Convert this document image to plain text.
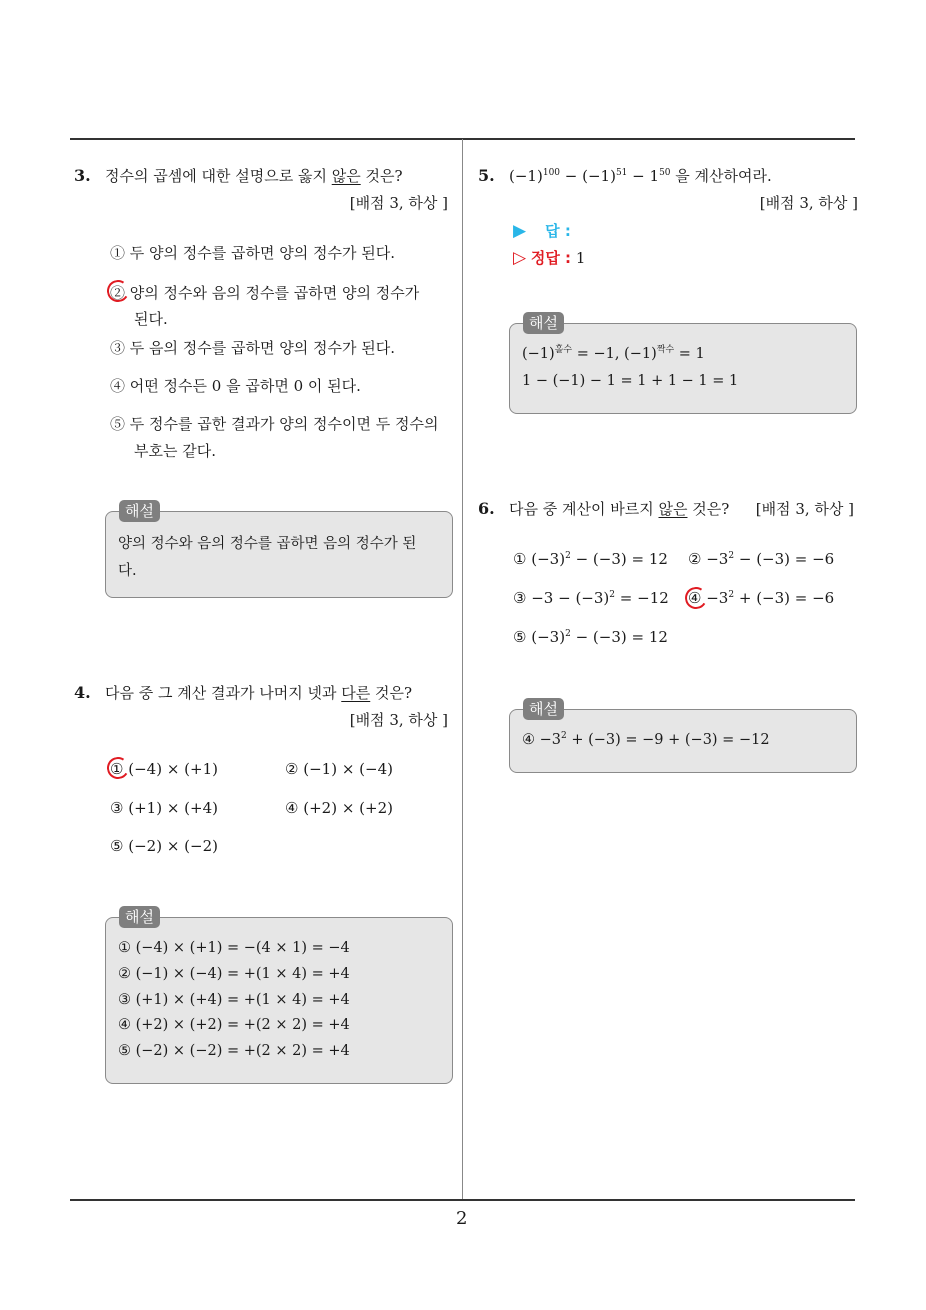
2
3. 정수의 곱셈에 대한 설명으로 옳지 않은 것은?
[배점 3, 하상 ]
① 두 양의 정수를 곱하면 양의 정수가 된다.
② 양의 정수와 음의 정수를 곱하면 양의 정수가
된다.
③ 두 음의 정수를 곱하면 양의 정수가 된다.
④ 어떤 정수든 0 을 곱하면 0 이 된다.
⑤ 두 정수를 곱한 결과가 양의 정수이면 두 정수의
부호는 같다.
해설
양의 정수와 음의 정수를 곱하면 음의 정수가 된
다.
4. 다음 중 그 계산 결과가 나머지 넷과 다른 것은?
[배점 3, 하상 ]
① (−4) × (+1)	② (−1) × (−4)
③ (+1) × (+4)	④ (+2) × (+2)
⑤ (−2) × (−2)
해설
① (−4) × (+1) = −(4 × 1) = −4
② (−1) × (−4) = +(1 × 4) = +4
③ (+1) × (+4) = +(1 × 4) = +4
④ (+2) × (+2) = +(2 × 2) = +4
⑤ (−2) × (−2) = +(2 × 2) = +4
5. $(-1)^{100} - (-1)^{51} - 1^{50}$ 을 계산하여라.
[배점 3, 하상 ]
▶ 답 :
▷ 정답 : 1
해설
$(-1)^{홀수} = -1$, $(-1)^{짝수} = 1$
1 − (−1) − 1 = 1 + 1 − 1 = 1
6. 다음 중 계산이 바르지 않은 것은? [배점 3, 하상 ]
① $(-3)^2 - (-3) = 12$ ② $-3^2 - (-3) = -6$
③ $-3 - (-3)^2 = -12$ ④ $-3^2 + (-3) = -6$
⑤ $(-3)^2 - (-3) = 12$
해설
④ $-3^2 + (-3) = -9 + (-3) = -12$
